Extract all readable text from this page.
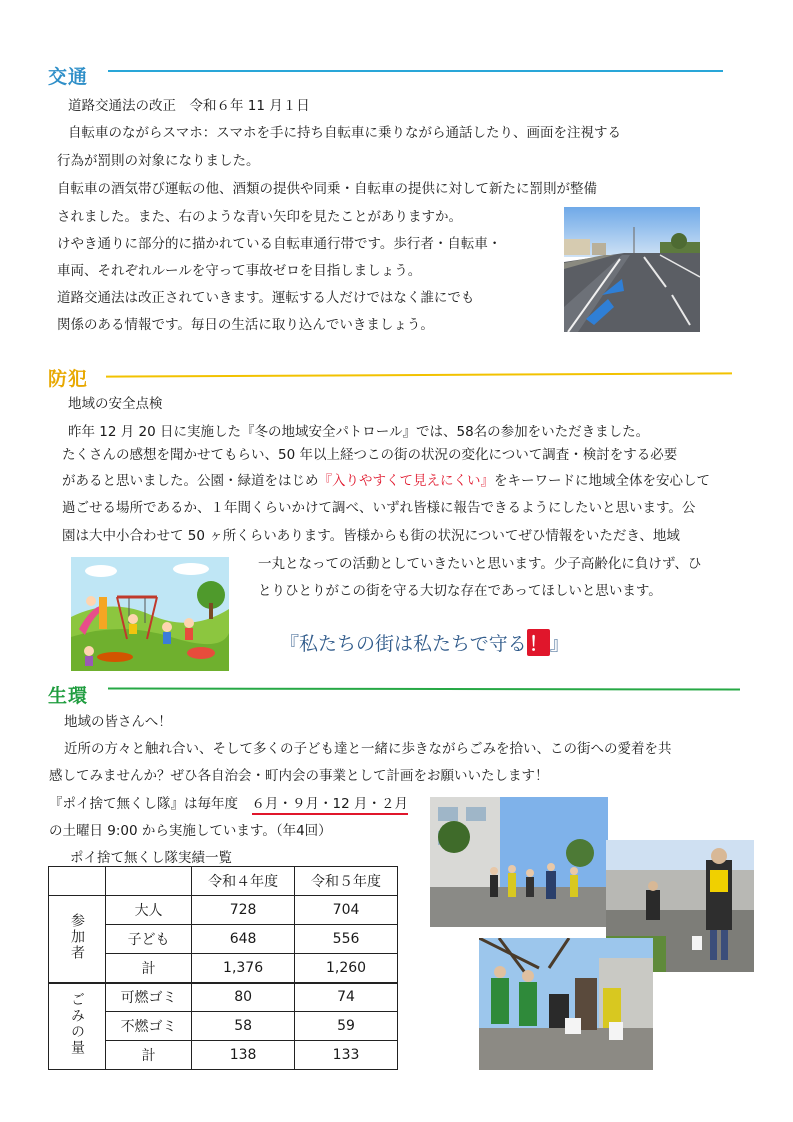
交通
道路交通法の改正　令和６年 11 月１日
自転車のながらスマホ：スマホを手に持ち自転車に乗りながら通話したり、画面を注視する
行為が罰則の対象になりました。
自転車の酒気帯び運転の他、酒類の提供や同乗・自転車の提供に対して新たに罰則が整備
されました。また、右のような青い矢印を見たことがありますか。
けやき通りに部分的に描かれている自転車通行帯です。歩行者・自転車・
車両、それぞれルールを守って事故ゼロを目指しましょう。
道路交通法は改正されていきます。運転する人だけではなく誰にでも
関係のある情報です。毎日の生活に取り込んでいきましょう。
防犯
地域の安全点検
昨年 12 月 20 日に実施した『冬の地域安全パトロール』では、58名の参加をいただきました。
たくさんの感想を聞かせてもらい、50 年以上経つこの街の状況の変化について調査・検討をする必要
があると思いました。公園・緑道をはじめ『入りやすくて見えにくい』をキーワードに地域全体を安心して
過ごせる場所であるか、１年間くらいかけて調べ、いずれ皆様に報告できるようにしたいと思います。公
園は大中小合わせて 50 ヶ所くらいあります。皆様からも街の状況についてぜひ情報をいただき、地域
一丸となっての活動としていきたいと思います。少子高齢化に負けず、ひ
とりひとりがこの街を守る大切な存在であってほしいと思います。
『私たちの街は私たちで守る ！ 』
生環
地域の皆さんへ！
近所の方々と触れ合い、そして多くの子ども達と一緒に歩きながらごみを拾い、この街への愛着を共
感してみませんか？ぜひ各自治会・町内会の事業として計画をお願いいたします！
『ポイ捨て無くし隊』は毎年度　６月・９月・12 月・２月
の土曜日 9:00 から実施しています。（年4回）
ポイ捨て無くし隊実績一覧
		令和４年度	令和５年度
参加者	大人	728	704
	子ども	648	556
	計	1,376	1,260
ごみの量	可燃ゴミ	80	74
	不燃ゴミ	58	59
	計	138	133
